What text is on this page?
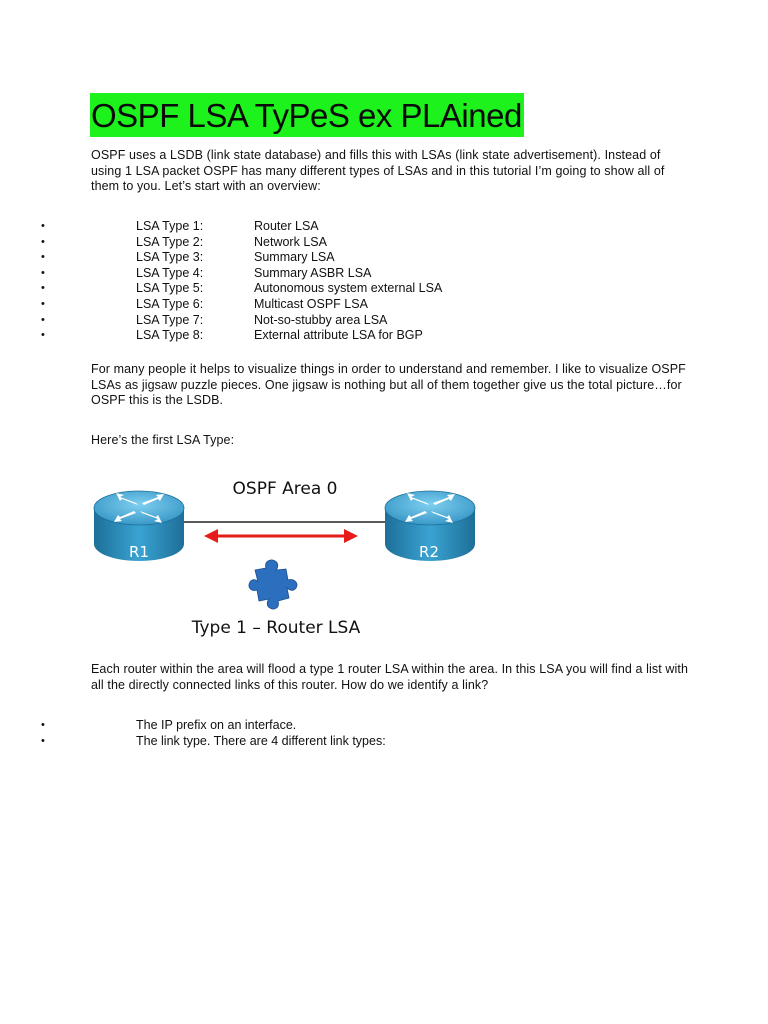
OSPF LSA TyPeS ex PLAined

OSPF uses a LSDB (link state database) and fills this with LSAs (link state advertisement). Instead of using 1 LSA packet OSPF has many different types of LSAs and in this tutorial I’m going to show all of them to you. Let’s start with an overview:

•	LSA Type 1:	Router LSA
•	LSA Type 2:	Network LSA
•	LSA Type 3:	Summary LSA
•	LSA Type 4:	Summary ASBR LSA
•	LSA Type 5:	Autonomous system external LSA
•	LSA Type 6:	Multicast OSPF LSA
•	LSA Type 7:	Not-so-stubby area LSA
•	LSA Type 8:	External attribute LSA for BGP

For many people it helps to visualize things in order to understand and remember. I like to visualize OSPF LSAs as jigsaw puzzle pieces. One jigsaw is nothing but all of them together give us the total picture…for OSPF this is the LSDB.

Here’s the first LSA Type:

R1	R2
OSPF Area 0
Type 1 – Router LSA

Each router within the area will flood a type 1 router LSA within the area. In this LSA you will find a list with all the directly connected links of this router. How do we identify a link?

•	The IP prefix on an interface.
•	The link type. There are 4 different link types:
